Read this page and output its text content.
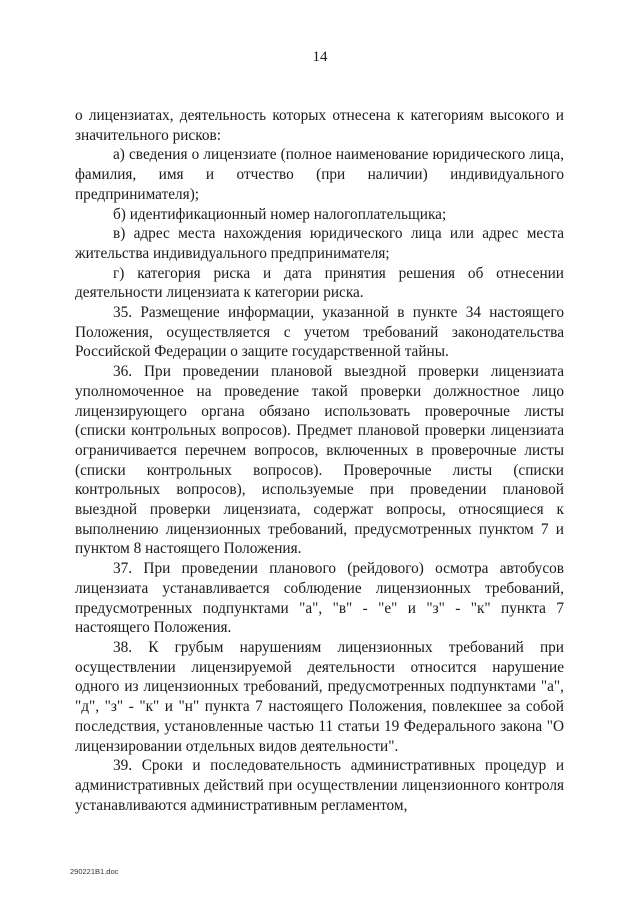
14

о лицензиатах, деятельность которых отнесена к категориям высокого и значительного рисков:

а) сведения о лицензиате (полное наименование юридического лица, фамилия, имя и отчество (при наличии) индивидуального предпринимателя);

б) идентификационный номер налогоплательщика;

в) адрес места нахождения юридического лица или адрес места жительства индивидуального предпринимателя;

г) категория риска и дата принятия решения об отнесении деятельности лицензиата к категории риска.

35. Размещение информации, указанной в пункте 34 настоящего Положения, осуществляется с учетом требований законодательства Российской Федерации о защите государственной тайны.

36. При проведении плановой выездной проверки лицензиата уполномоченное на проведение такой проверки должностное лицо лицензирующего органа обязано использовать проверочные листы (списки контрольных вопросов). Предмет плановой проверки лицензиата ограничивается перечнем вопросов, включенных в проверочные листы (списки контрольных вопросов). Проверочные листы (списки контрольных вопросов), используемые при проведении плановой выездной проверки лицензиата, содержат вопросы, относящиеся к выполнению лицензионных требований, предусмотренных пунктом 7 и пунктом 8 настоящего Положения.

37. При проведении планового (рейдового) осмотра автобусов лицензиата устанавливается соблюдение лицензионных требований, предусмотренных подпунктами "а", "в" - "е" и "з" - "к" пункта 7 настоящего Положения.

38. К грубым нарушениям лицензионных требований при осуществлении лицензируемой деятельности относится нарушение одного из лицензионных требований, предусмотренных подпунктами "а", "д", "з" - "к" и "н" пункта 7 настоящего Положения, повлекшее за собой последствия, установленные частью 11 статьи 19 Федерального закона "О лицензировании отдельных видов деятельности".

39. Сроки и последовательность административных процедур и административных действий при осуществлении лицензионного контроля устанавливаются административным регламентом,

290221B1.doc
